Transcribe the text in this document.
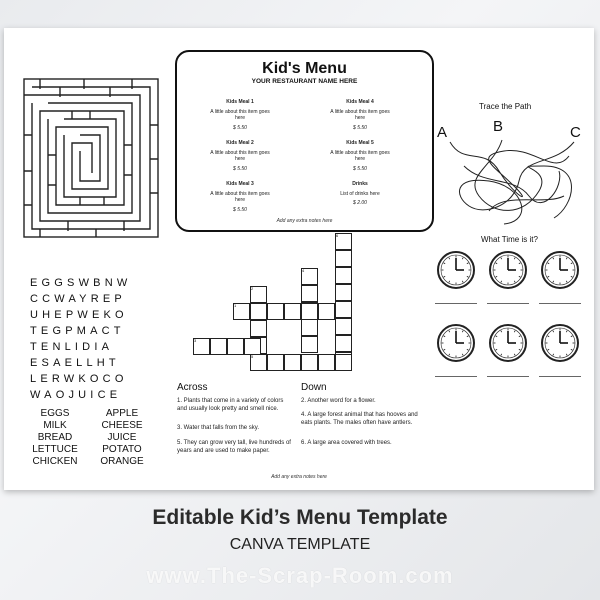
Kid's Menu
YOUR RESTAURANT NAME HERE
Kids Meal 1
A little about this item goes here
$ 5.50
Kids Meal 2
A little about this item goes here
$ 5.50
Kids Meal 3
A little about this item goes here
$ 5.50
Kids Meal 4
A little about this item goes here
$ 5.50
Kids Meal 5
A little about this item goes here
$ 5.50
Drinks
List of drinks here
$ 2.00
Add any extra notes here
Trace the Path
A	B	C
What Time is it?
EGGSWBNW
CCWAYREP
UHEPWEKO
TEGPMACT
TENLIDIA
ESAELLHT
LERWKOCO
WAOJUICE
EGGS
MILK
BREAD
LETTUCE
CHICKEN
APPLE
CHEESE
JUICE
POTATO
ORANGE
1
2
3
4
5
6
Across	Down
1. Plants that come in a variety of colors and usually look pretty and smell nice.
3. Water that falls from the sky.
5. They can grow very tall, live hundreds of years and are used to make paper.
2. Another word for a flower.
4. A large forest animal that has hooves and eats plants. The males often have antlers.
6. A large area covered with trees.
Add any extra notes here
Editable Kid’s Menu Template
CANVA TEMPLATE
www.The-Scrap-Room.com
